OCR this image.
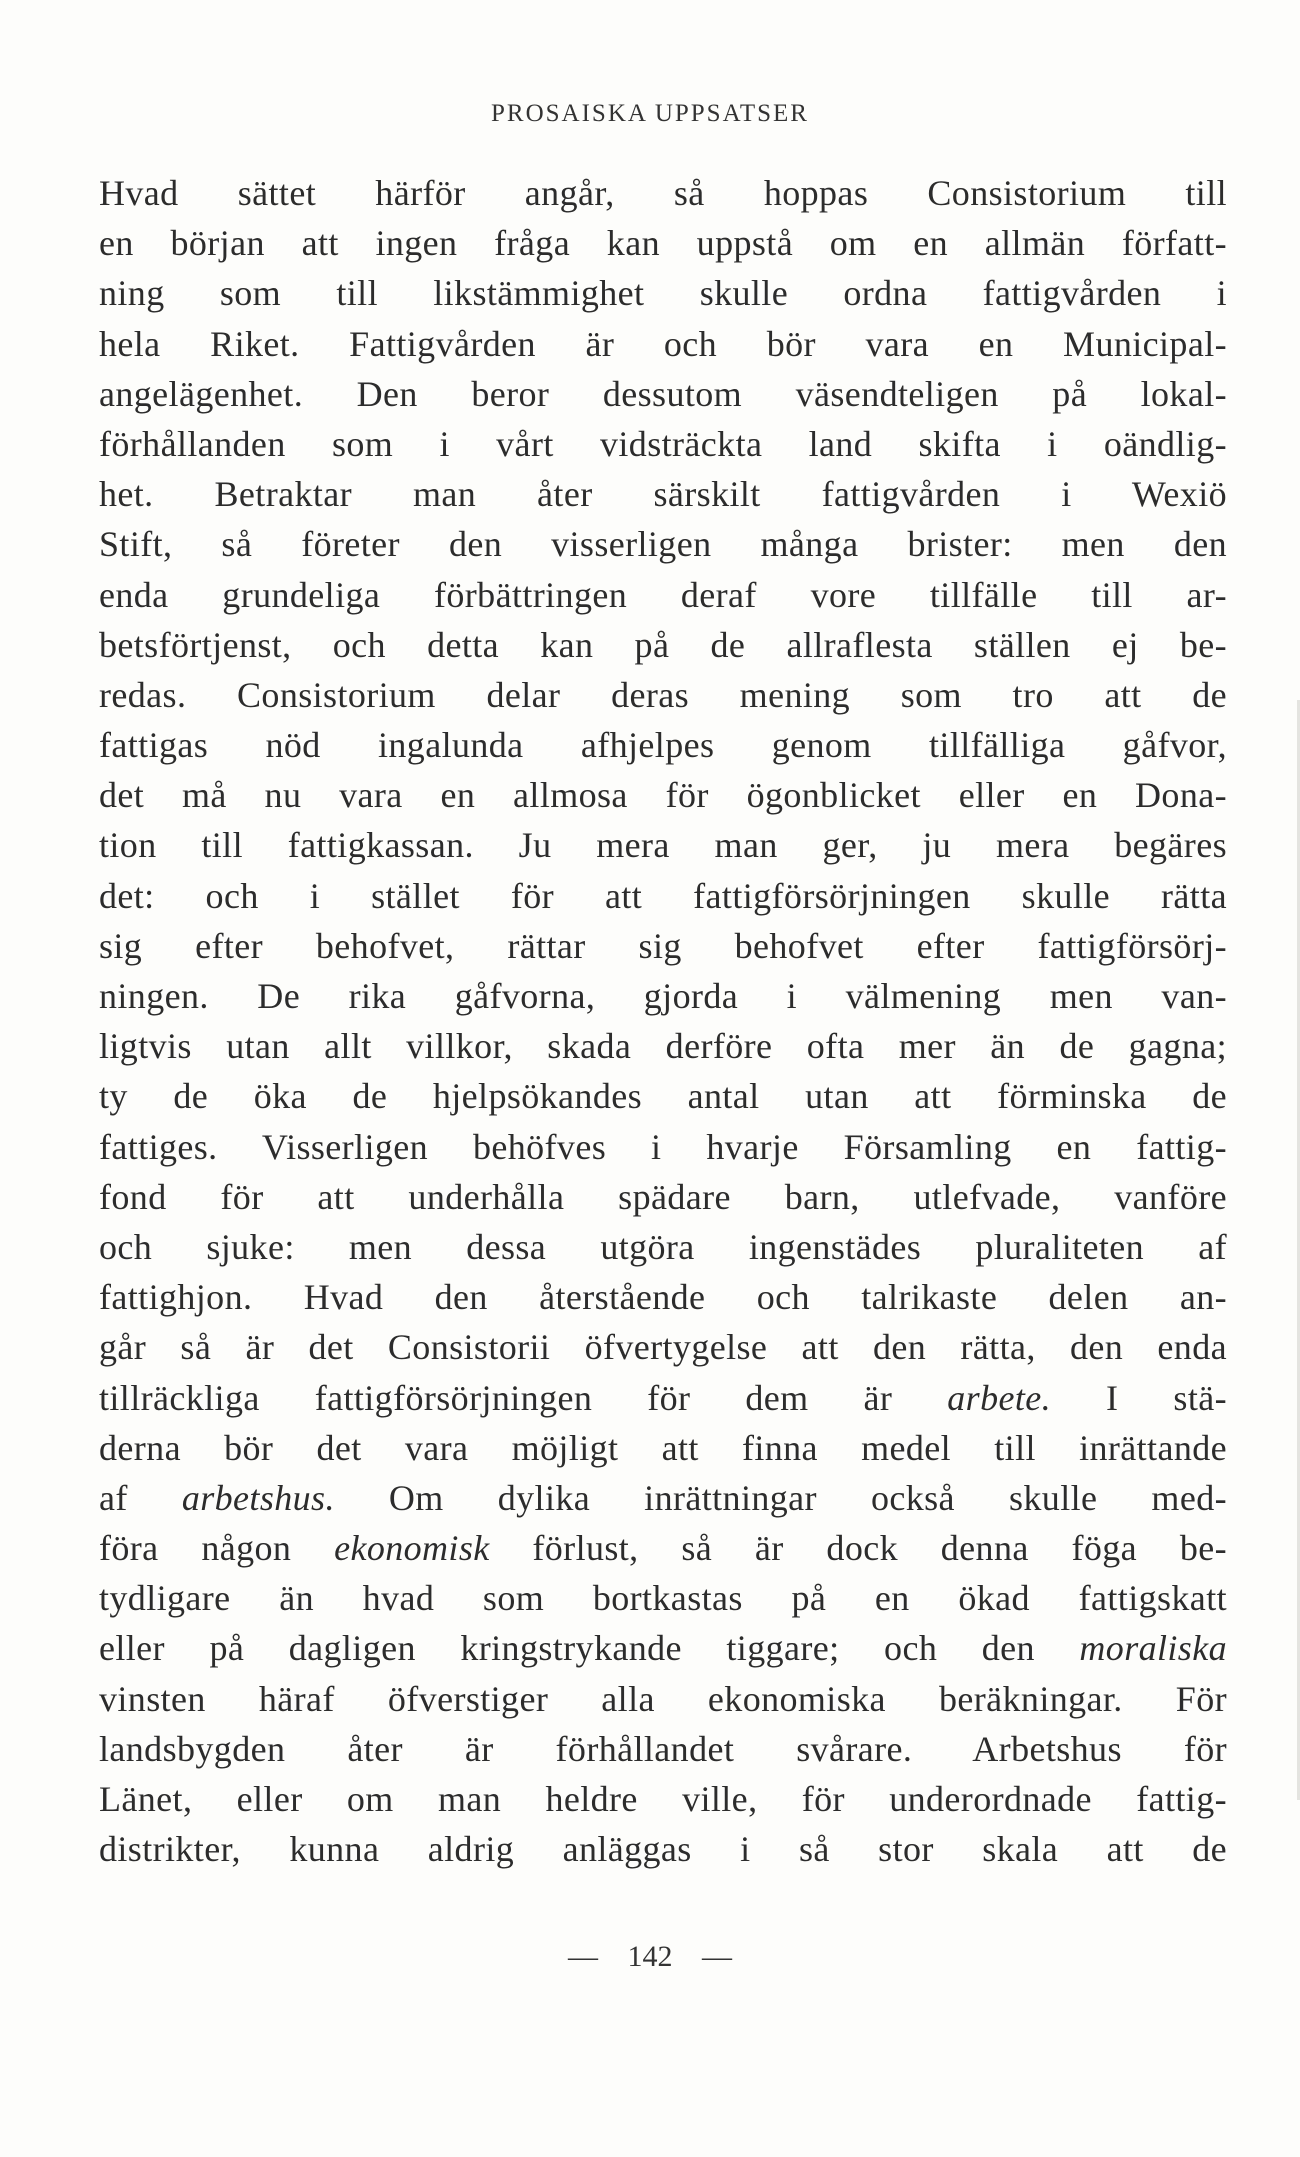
PROSAISKA UPPSATSER
Hvad sättet härför angår, så hoppas Consistorium till
en början att ingen fråga kan uppstå om en allmän författ-
ning som till likstämmighet skulle ordna fattigvården i
hela Riket. Fattigvården är och bör vara en Municipal-
angelägenhet. Den beror dessutom väsendteligen på lokal-
förhållanden som i vårt vidsträckta land skifta i oändlig-
het. Betraktar man åter särskilt fattigvården i Wexiö
Stift, så företer den visserligen många brister: men den
enda grundeliga förbättringen deraf vore tillfälle till ar-
betsförtjenst, och detta kan på de allraflesta ställen ej be-
redas. Consistorium delar deras mening som tro att de
fattigas nöd ingalunda afhjelpes genom tillfälliga gåfvor,
det må nu vara en allmosa för ögonblicket eller en Dona-
tion till fattigkassan. Ju mera man ger, ju mera begäres
det: och i stället för att fattigförsörjningen skulle rätta
sig efter behofvet, rättar sig behofvet efter fattigförsörj-
ningen. De rika gåfvorna, gjorda i välmening men van-
ligtvis utan allt villkor, skada derföre ofta mer än de gagna;
ty de öka de hjelpsökandes antal utan att förminska de
fattiges. Visserligen behöfves i hvarje Församling en fattig-
fond för att underhålla spädare barn, utlefvade, vanföre
och sjuke: men dessa utgöra ingenstädes pluraliteten af
fattighjon. Hvad den återstående och talrikaste delen an-
går så är det Consistorii öfvertygelse att den rätta, den enda
tillräckliga fattigförsörjningen för dem är arbete. I stä-
derna bör det vara möjligt att finna medel till inrättande
af arbetshus. Om dylika inrättningar också skulle med-
föra någon ekonomisk förlust, så är dock denna föga be-
tydligare än hvad som bortkastas på en ökad fattigskatt
eller på dagligen kringstrykande tiggare; och den moraliska
vinsten häraf öfverstiger alla ekonomiska beräkningar. För
landsbygden åter är förhållandet svårare. Arbetshus för
Länet, eller om man heldre ville, för underordnade fattig-
distrikter, kunna aldrig anläggas i så stor skala att de
— 142 —
